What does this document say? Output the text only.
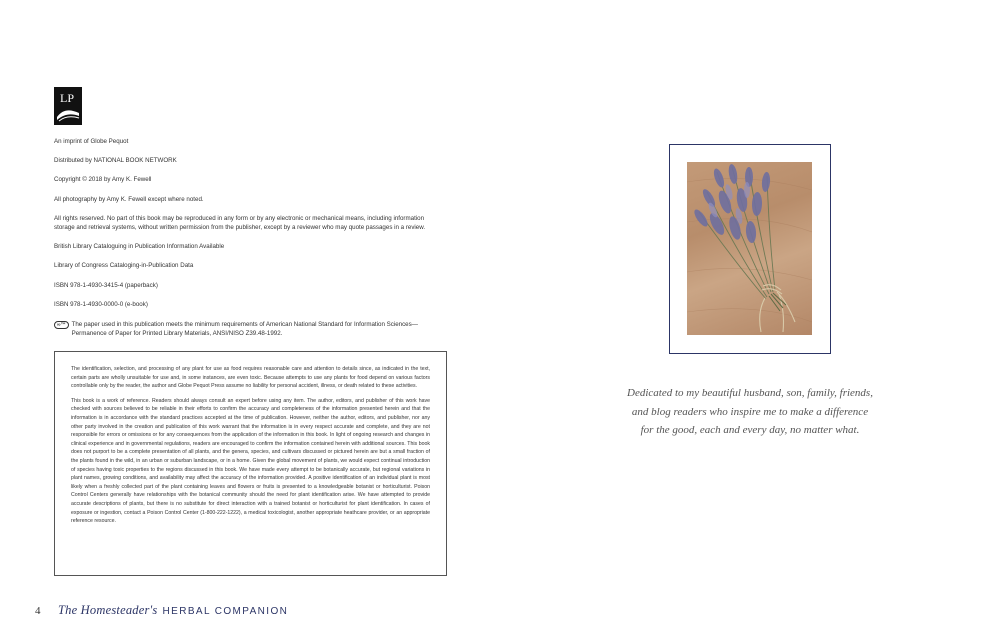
LP

An imprint of Globe Pequot

Distributed by NATIONAL BOOK NETWORK

Copyright © 2018 by Amy K. Fewell

All photography by Amy K. Fewell except where noted.

All rights reserved. No part of this book may be reproduced in any form or by any electronic or mechanical means, including information storage and retrieval systems, without written permission from the publisher, except by a reviewer who may quote passages in a review.

British Library Cataloguing in Publication Information Available

Library of Congress Cataloging-in-Publication Data

ISBN 978-1-4930-3415-4 (paperback)

ISBN 978-1-4930-0000-0 (e-book)

∞™ The paper used in this publication meets the minimum requirements of American National Standard for Information Sciences—Permanence of Paper for Printed Library Materials, ANSI/NISO Z39.48-1992.

The identification, selection, and processing of any plant for use as food requires reasonable care and attention to details since, as indicated in the text, certain parts are wholly unsuitable for use and, in some instances, are even toxic. Because attempts to use any plants for food depend on various factors controllable only by the reader, the author and Globe Pequot Press assume no liability for personal accident, illness, or death related to these activities.

This book is a work of reference. Readers should always consult an expert before using any item. The author, editors, and publisher of this work have checked with sources believed to be reliable in their efforts to confirm the accuracy and completeness of the information presented herein and that the information is in accordance with the standard practices accepted at the time of publication. However, neither the author, editors, and publisher, nor any other party involved in the creation and publication of this work warrant that the information is in every respect accurate and complete, and they are not responsible for errors or omissions or for any consequences from the application of the information in this book. In light of ongoing research and changes in clinical experience and in governmental regulations, readers are encouraged to confirm the information contained herein with additional sources. This book does not purport to be a complete presentation of all plants, and the genera, species, and cultivars discussed or pictured herein are but a small fraction of the plants found in the wild, in an urban or suburban landscape, or in a home. Given the global movement of plants, we would expect continual introduction of species having toxic properties to the regions discussed in this book. We have made every attempt to be botanically accurate, but regional variations in plant names, growing conditions, and availability may affect the accuracy of the information provided. A positive identification of an individual plant is most likely when a freshly collected part of the plant containing leaves and flowers or fruits is presented to a knowledgeable botanist or horticulturist. Poison Control Centers generally have relationships with the botanical community should the need for plant identification arise. We have attempted to provide accurate descriptions of plants, but there is no substitute for direct interaction with a trained botanist or horticulturist for plant identification. In cases of exposure or ingestion, contact a Poison Control Center (1-800-222-1222), a medical toxicologist, another appropriate heathcare provider, or an appropriate reference resource.

4 The Homesteader's HERBAL COMPANION
Dedicated to my beautiful husband, son, family, friends,
and blog readers who inspire me to make a difference
for the good, each and every day, no matter what.
